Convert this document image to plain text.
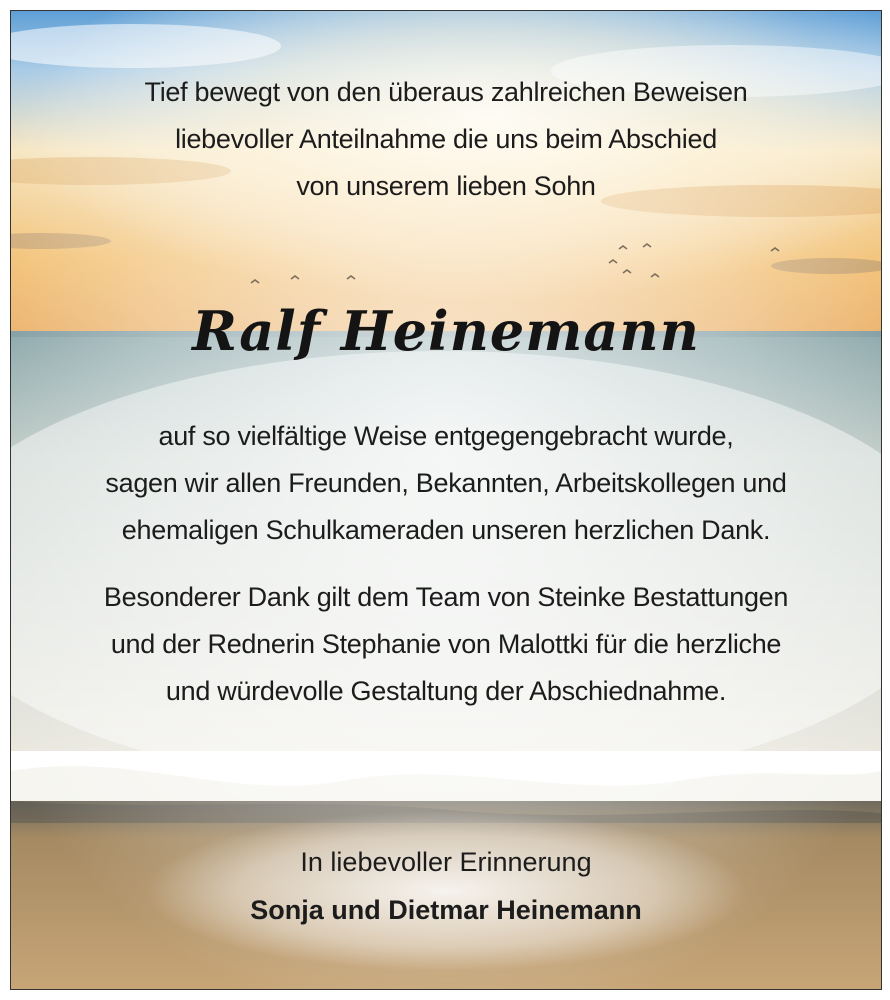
Tief bewegt von den überaus zahlreichen Beweisen
liebevoller Anteilnahme die uns beim Abschied
von unserem lieben Sohn
Ralf Heinemann
auf so vielfältige Weise entgegengebracht wurde,
sagen wir allen Freunden, Bekannten, Arbeitskollegen und
ehemaligen Schulkameraden unseren herzlichen Dank.
Besonderer Dank gilt dem Team von Steinke Bestattungen
und der Rednerin Stephanie von Malottki für die herzliche
und würdevolle Gestaltung der Abschiednahme.
In liebevoller Erinnerung
Sonja und Dietmar Heinemann
